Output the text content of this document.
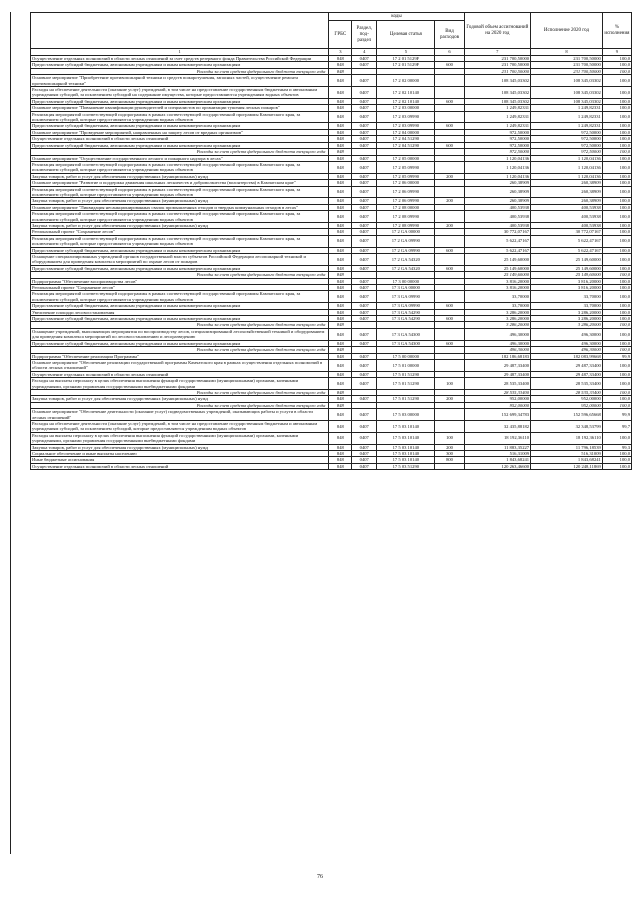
	коды				Годовой объем ассигнований на 2020 год	Исполнение 2020 год	% исполнения
	ГРБС	Раздел, под-раздел	Целевая статья	Вид расходов			
1	3	4	5	6	7	8	9
Осуществление отдельных полномочий в области лесных отношений за счет средств резервного фонда Правительства Российской Федерации	848	0407	17 2 01 5129F		231 700,50000	231 700,50000	100,0
Предоставление субсидий бюджетным, автономным учреждениям и иным некоммерческим организациям	848	0407	17 2 01 5129F	600	231 700,50000	231 700,50000	100,0
Расходы за счет средств федерального бюджета текущего года	848				231 700,50000	231 700,50000	100,0
Основное мероприятие "Приобретение противопожарной техники и средств пожаротушения, запасных частей, осуществление ремонта противопожарной техники"	848	0407	17 2 02 00000		108 345,03302	108 345,03302	100,0
Расходы на обеспечение деятельности (оказание услуг) учреждений, в том числе на предоставление государственным бюджетным и автономным учреждениям субсидий, за исключением субсидий на содержание имущества, которые предоставляются учреждениям водных объектов	848	0407	17 2 02 10140		108 345,03302	108 345,03302	100,0
Предоставление субсидий бюджетным, автономным учреждениям и иным некоммерческим организациям	848	0407	17 2 02 10140	600	108 345,03302	108 345,03302	100,0
Основное мероприятие "Повышение квалификации руководителей и специалистов по организации тушения лесных пожаров"	848	0407	17 2 03 00000		1 249,82331	1 249,82331	100,0
Реализация мероприятий соответствующей подпрограммы в рамках соответствующей государственной программы Камчатского края, за исключением субсидий, которые предоставляются учреждениям водных объектов	848	0407	17 2 03 09990		1 249,82331	1 249,82331	100,0
Предоставление субсидий бюджетным, автономным учреждениям и иным некоммерческим организациям	848	0407	17 2 03 09990	600	1 249,82331	1 249,82331	100,0
Основное мероприятие "Проведение мероприятий, направленных на защиту лесов от вредных организмов"	848	0407	17 2 04 00000		972,50000	972,50000	100,0
Осуществление отдельных полномочий в области лесных отношений	848	0407	17 2 04 51290		972,50000	972,50000	100,0
Предоставление субсидий бюджетным, автономным учреждениям и иным некоммерческим организациям	848	0407	17 2 04 51290	600	972,50000	972,50000	100,0
Расходы за счет средств федерального бюджета текущего года	848				972,50000	972,50000	100,0
Основное мероприятие "Осуществление государственного лесного и пожарного надзора в лесах"	848	0407	17 2 05 00000		1 120,04136	1 120,04136	100,0
Реализация мероприятий соответствующей подпрограммы в рамках соответствующей государственной программы Камчатского края, за исключением субсидий, которые предоставляются учреждениям водных объектов	848	0407	17 2 05 09990		1 120,04136	1 120,04136	100,0
Закупка товаров, работ и услуг для обеспечения государственных (муниципальных) нужд	848	0407	17 2 05 09990	200	1 120,04136	1 120,04136	100,0
Основное мероприятие "Развитие и поддержка движения школьных лесничеств и добровольчества (волонтерства) в Камчатском крае"	848	0407	17 2 06 00000		260,38909	260,38909	100,0
Реализация мероприятий соответствующей подпрограммы в рамках соответствующей государственной программы Камчатского края, за исключением субсидий, которые предоставляются учреждениям водных объектов	848	0407	17 2 06 09990		260,38909	260,38909	100,0
Закупка товаров, работ и услуг для обеспечения государственных (муниципальных) нужд	848	0407	17 2 06 09990	200	260,38909	260,38909	100,0
Основное мероприятие "Ликвидация несанкционированных свалок промышленных отходов и твердых коммунальных отходов в лесах"	848	0407	17 2 08 00000		400,53938	400,53938	100,0
Реализация мероприятий соответствующей подпрограммы в рамках соответствующей государственной программы Камчатского края, за исключением субсидий, которые предоставляются учреждениям водных объектов	848	0407	17 2 08 09990		400,53938	400,53938	100,0
Закупка товаров, работ и услуг для обеспечения государственных (муниципальных) нужд	848	0407	17 2 08 09990	200	400,53938	400,53938	100,0
Региональный проект "Сохранение лесов"	848	0407	17 2 GA 00000		30 772,07167	30 772,07167	100,0
Реализация мероприятий соответствующей подпрограммы в рамках соответствующей государственной программы Камчатского края, за исключением субсидий, которые предоставляются учреждениям водных объектов	848	0407	17 2 GA 09990		5 622,47167	5 622,47167	100,0
Предоставление субсидий бюджетным, автономным учреждениям и иным некоммерческим организациям	848	0407	17 2 GA 09990	600	5 622,47167	5 622,47167	100,0
Оснащение специализированных учреждений органов государственной власти субъектов Российской Федерации лесопожарной техникой и оборудованием для проведения комплекса мероприятий по охране лесов от пожаров	848	0407	17 2 GA 54320		25 149,60000	25 149,60000	100,0
Предоставление субсидий бюджетным, автономным учреждениям и иным некоммерческим организациям	848	0407	17 2 GA 54320	600	25 149,60000	25 149,60000	100,0
Расходы за счет средств федерального бюджета текущего года	848				25 149,60000	25 149,60000	100,0
Подпрограмма "Обеспечение воспроизводства лесов"	848	0407	17 3 00 00000		3 816,20000	3 816,20000	100,0
Региональный проект "Сохранение лесов"	848	0407	17 3 GA 00000		3 816,20000	3 816,20000	100,0
Реализация мероприятий соответствующей подпрограммы в рамках соответствующей государственной программы Камчатского края, за исключением субсидий, которые предоставляются учреждениям водных объектов	848	0407	17 3 GA 09990		33,70000	33,70000	100,0
Предоставление субсидий бюджетным, автономным учреждениям и иным некоммерческим организациям	848	0407	17 3 GA 09990	600	33,70000	33,70000	100,0
Увеличение площади лесовосстановления	848	0407	17 3 GA 54290		3 286,20000	3 286,20000	100,0
Предоставление субсидий бюджетным, автономным учреждениям и иным некоммерческим организациям	848	0407	17 3 GA 54290	600	3 286,20000	3 286,20000	100,0
Расходы за счет средств федерального бюджета текущего года	848				3 286,20000	3 286,20000	100,0
Оснащение учреждений, выполняющих мероприятия по воспроизводству лесов, специализированной лесохозяйственной техникой и оборудованием для проведения комплекса мероприятий по лесовосстановлению и лесоразведению	848	0407	17 3 GA 54300		496,30000	496,30000	100,0
Предоставление субсидий бюджетным, автономным учреждениям и иным некоммерческим организациям	848	0407	17 3 GA 54300	600	496,30000	496,30000	100,0
Расходы за счет средств федерального бюджета текущего года	848				496,30000	496,30000	100,0
Подпрограмма "Обеспечение реализации Программы"	848	0407	17 5 00 00000		182 186,68183	182 083,99668	99,9
Основное мероприятие "Обеспечение реализации государственной программы Камчатского края в рамках осуществления отдельных полномочий в области лесных отношений"	848	0407	17 5 01 00000		29 487,33400	29 487,33400	100,0
Осуществление отдельных полномочий в области лесных отношений	848	0407	17 5 01 51290		29 487,33400	29 487,33400	100,0
Расходы на выплаты персоналу в целях обеспечения выполнения функций государственными (муниципальными) органами, казенными учреждениями, органами управления государственными внебюджетными фондами	848	0407	17 5 01 51290	100	28 535,33400	28 535,33400	100,0
Расходы за счет средств федерального бюджета текущего года	848				28 535,33400	28 535,33400	100,0
Закупка товаров, работ и услуг для обеспечения государственных (муниципальных) нужд	848	0407	17 5 01 51290	200	952,00000	952,00000	100,0
Расходы за счет средств федерального бюджета текущего года	848				952,00000	952,00000	100,0
Основное мероприятие "Обеспечение деятельности (оказание услуг) подведомственных учреждений, оказывающих работы и услуги в области лесных отношений"	848	0407	17 5 03 00000		152 699,34783	152 596,65668	99,9
Расходы на обеспечение деятельности (оказание услуг) учреждений, в том числе на предоставление государственным бюджетным и автономным учреждениям субсидий, за исключением субсидий, которые предоставляются учреждениям водных объектов	848	0407	17 5 03 10140		32 435,88182	32 348,53799	99,7
Расходы на выплаты персоналу в целях обеспечения выполнения функций государственными (муниципальными) органами, казенными учреждениями, органами управления государственными внебюджетными фондами	848	0407	17 5 03 10140	100	18 192,36110	18 192,36110	100,0
Закупка товаров, работ и услуг для обеспечения государственных (муниципальных) нужд	848	0407	17 5 03 10140	200	11 883,35227	11 796,18539	99,3
Социальное обеспечение и иные выплаты населению	848	0407	17 5 03 10140	300	516,31009	516,31009	100,0
Иные бюджетные ассигнования	848	0407	17 5 03 10140	800	1 843,68241	1 843,68241	100,0
Осуществление отдельных полномочий в области лесных отношений	848	0407	17 5 03 51290		120 263,46600	120 248,11869	100,0
76
